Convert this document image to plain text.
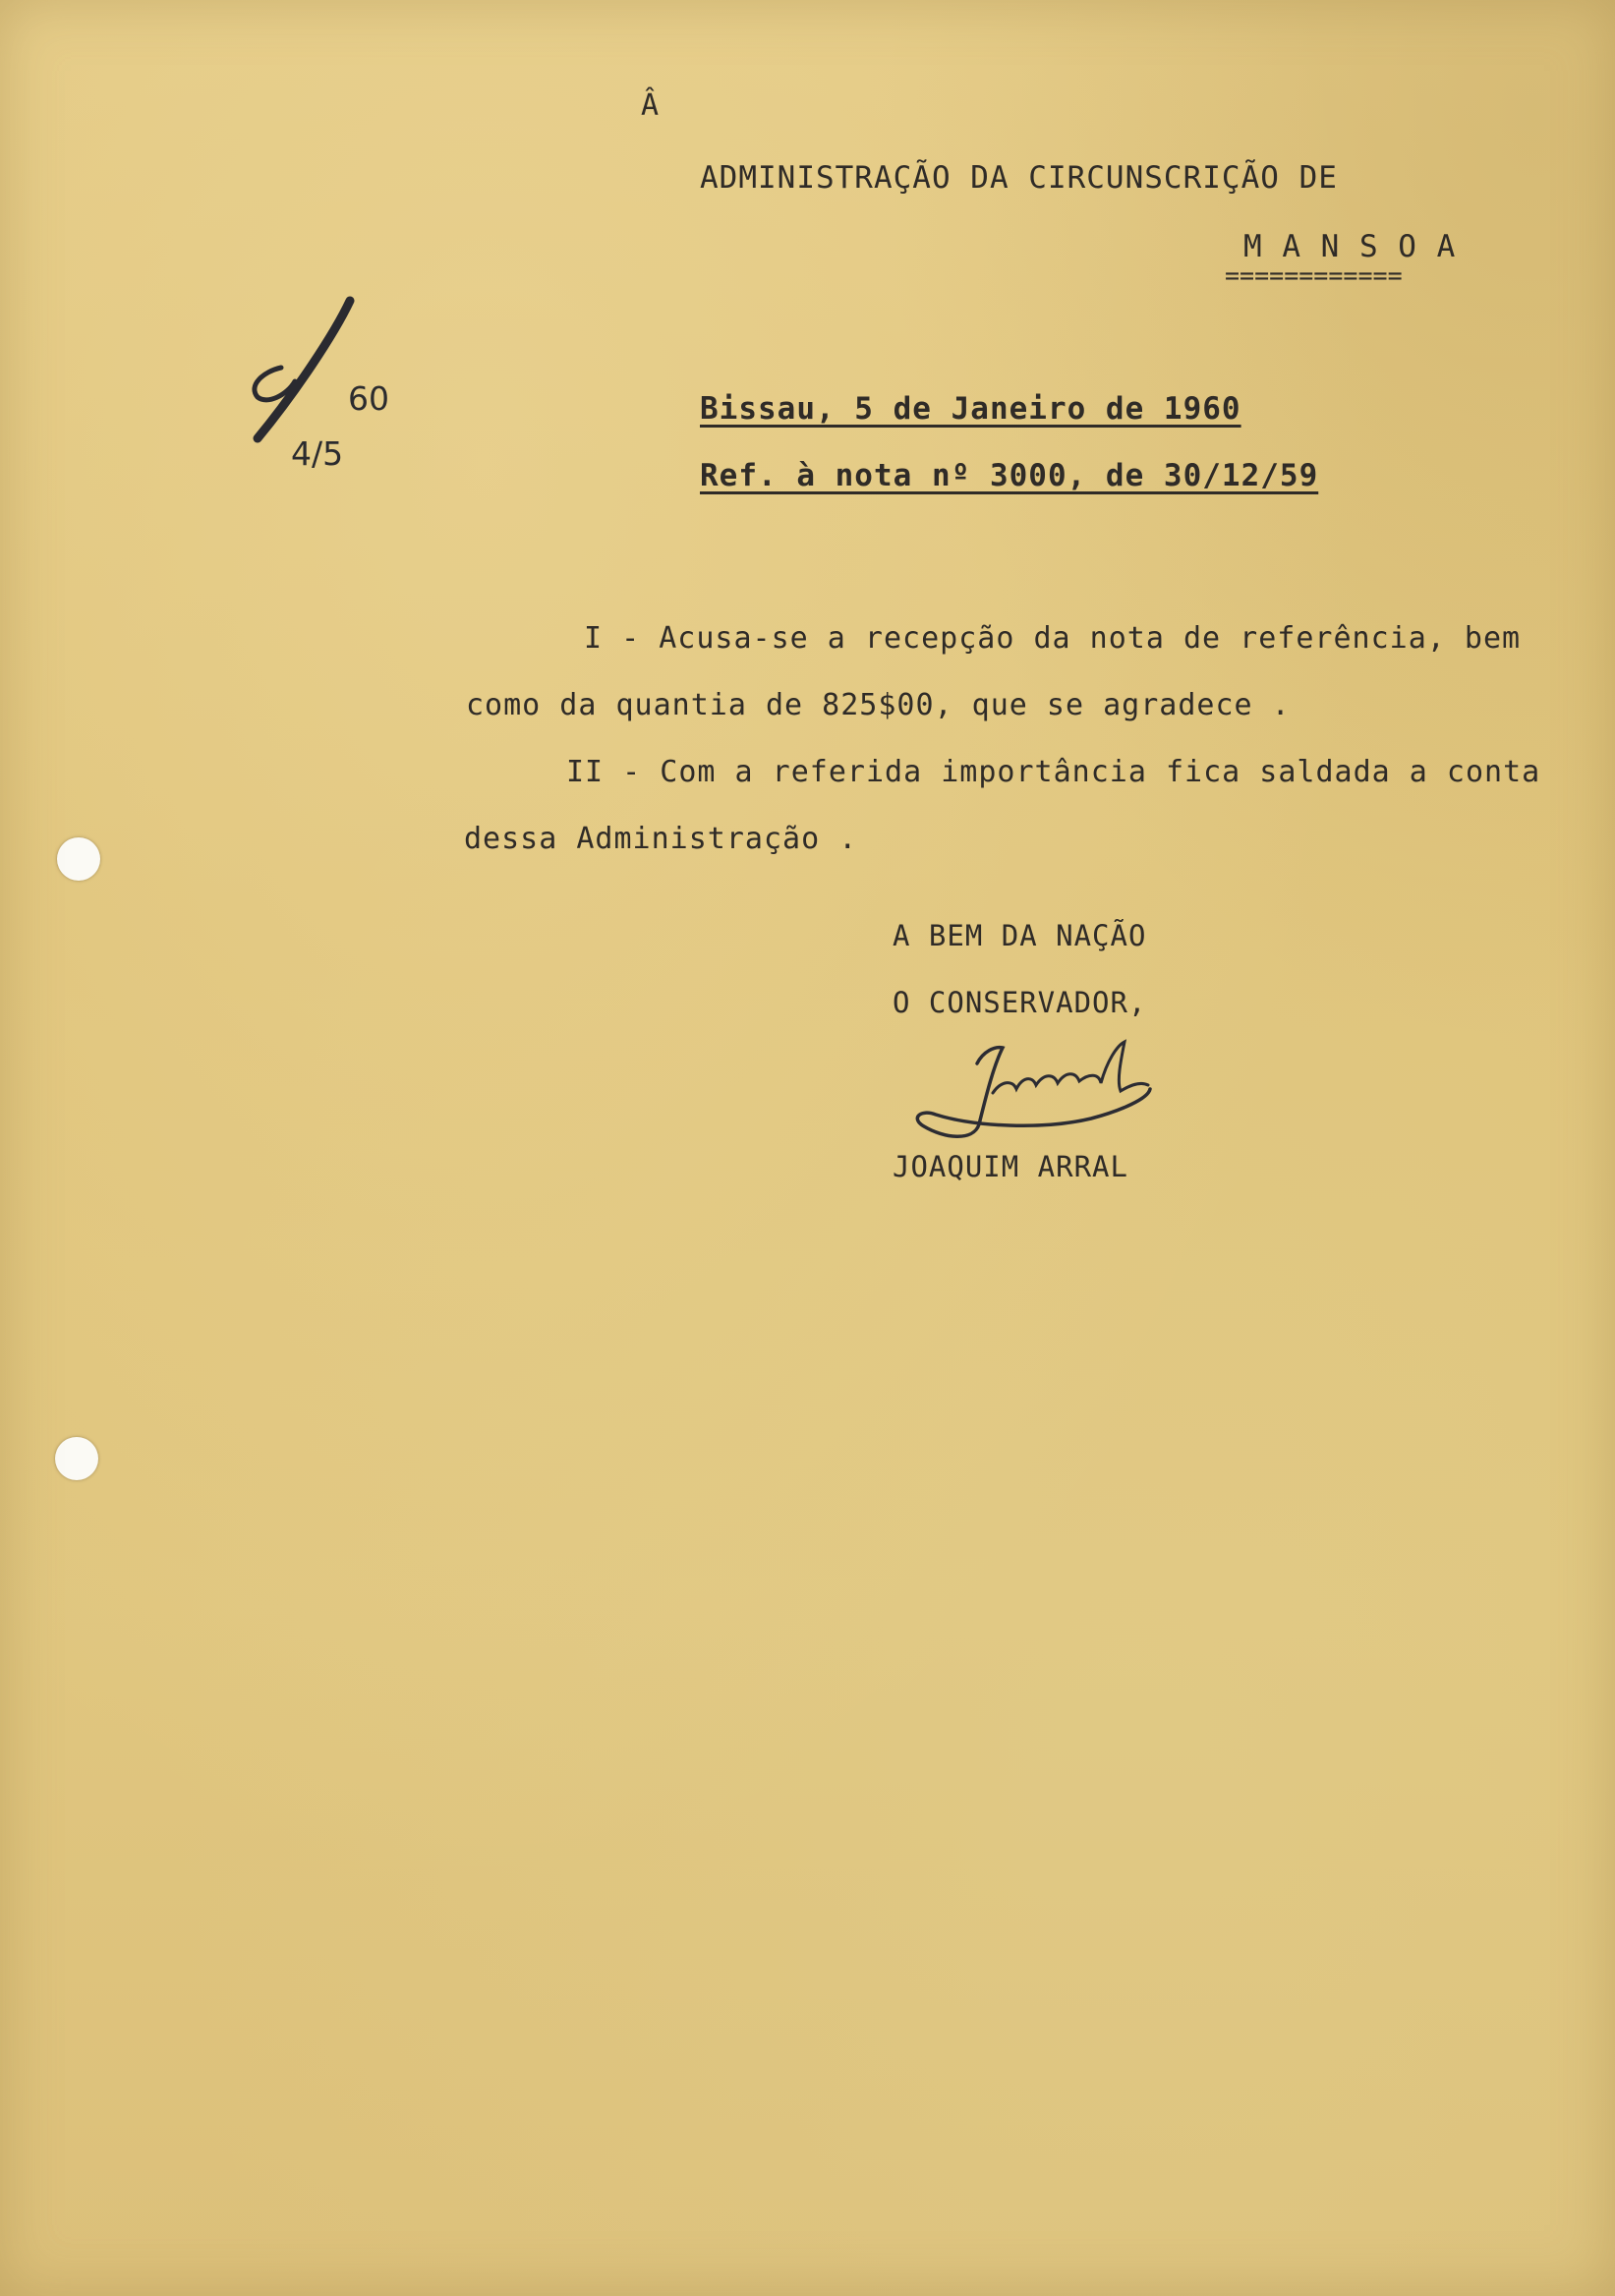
Â
ADMINISTRAÇÃO DA CIRCUNSCRIÇÃO DE
M A N S O A
============
60
4/5
Bissau, 5 de Janeiro de 1960
Ref. à nota nº 3000, de 30/12/59
I - Acusa-se a recepção da nota de referência, bem
como da quantia de 825$00, que se agradece .
II - Com a referida importância fica saldada a conta
dessa Administração .
A BEM DA NAÇÃO
O CONSERVADOR,
JOAQUIM ARRAL
